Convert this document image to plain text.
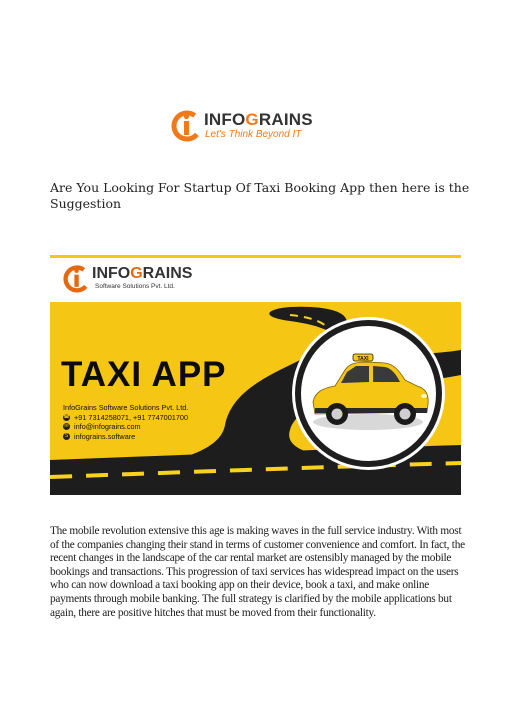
INFOGRAINS
Let's Think Beyond IT
Are You Looking For Startup Of Taxi Booking App then here is the Suggestion
INFOGRAINS
Software Solutions Pvt. Ltd.
TAXI APP
InfoGrains Software Solutions Pvt. Ltd.
☎ +91 7314258071, +91 7747001700
✉ info@infograins.com
S infograins.software
TAXI

The mobile revolution extensive this age is making waves in the full service industry. With most of the companies changing their stand in terms of customer convenience and comfort. In fact, the recent changes in the landscape of the car rental market are ostensibly managed by the mobile bookings and transactions. This progression of taxi services has widespread impact on the users who can now download a taxi booking app on their device, book a taxi, and make online payments through mobile banking. The full strategy is clarified by the mobile applications but again, there are positive hitches that must be moved from their functionality.
